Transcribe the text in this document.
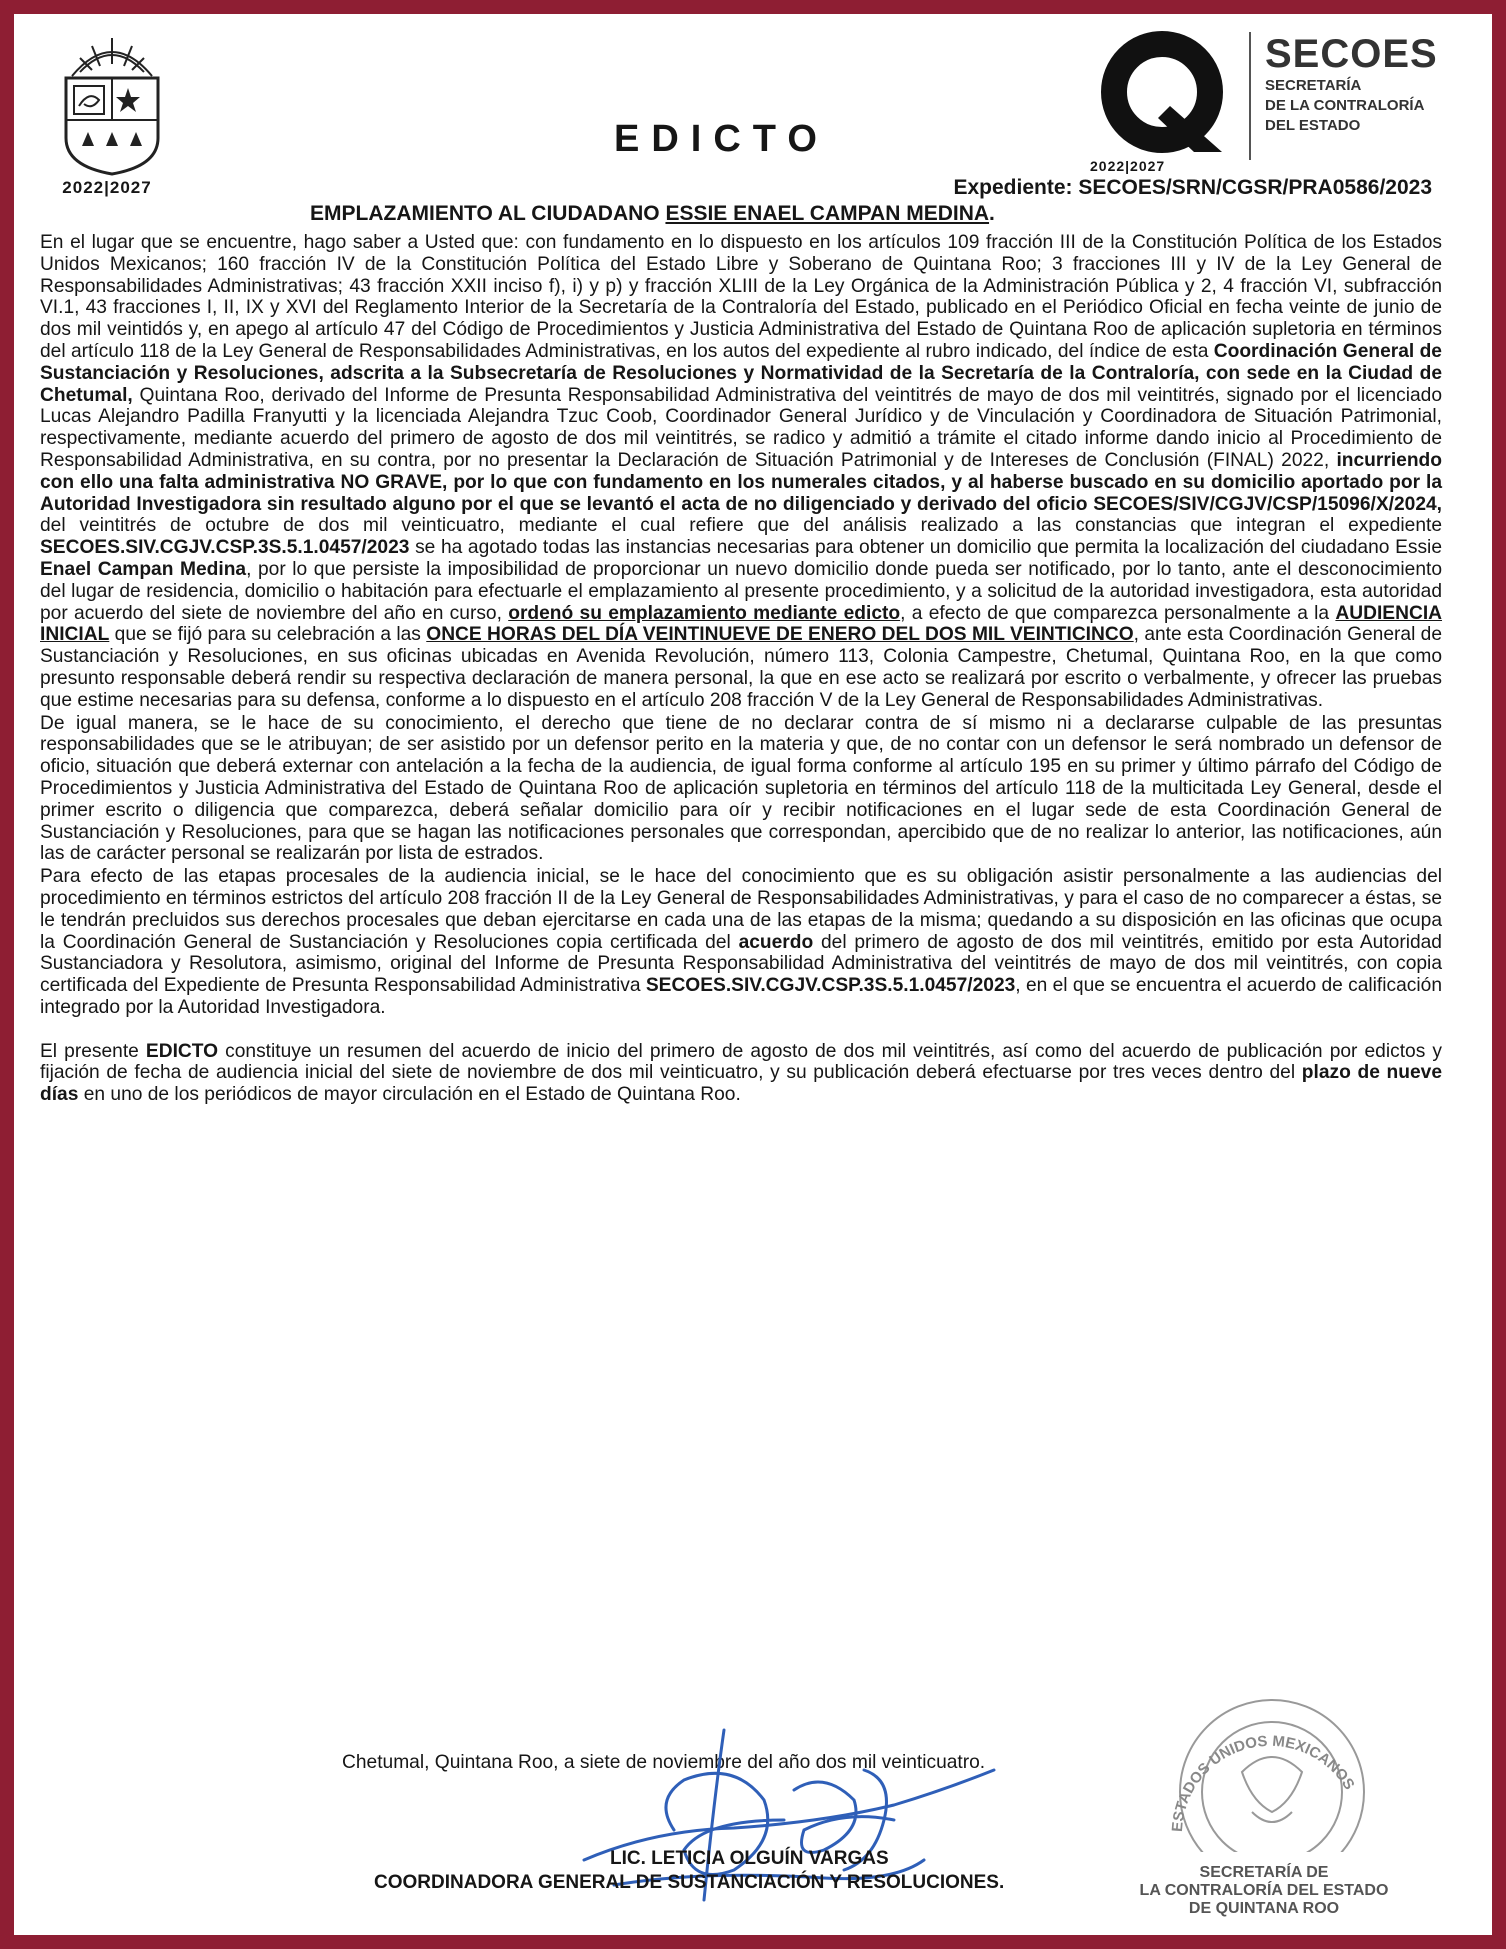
2022|2027
EDICTO
2022|2027
SECOES
SECRETARÍA
DE LA CONTRALORÍA
DEL ESTADO
Expediente: SECOES/SRN/CGSR/PRA0586/2023
EMPLAZAMIENTO AL CIUDADANO ESSIE ENAEL CAMPAN MEDINA.

En el lugar que se encuentre, hago saber a Usted que: con fundamento en lo dispuesto en los artículos 109 fracción III de la Constitución Política de los Estados Unidos Mexicanos; 160 fracción IV de la Constitución Política del Estado Libre y Soberano de Quintana Roo; 3 fracciones III y IV de la Ley General de Responsabilidades Administrativas; 43 fracción XXII inciso f), i) y p) y fracción XLIII de la Ley Orgánica de la Administración Pública y 2, 4 fracción VI, subfracción VI.1, 43 fracciones I, II, IX y XVI del Reglamento Interior de la Secretaría de la Contraloría del Estado, publicado en el Periódico Oficial en fecha veinte de junio de dos mil veintidós y, en apego al artículo 47 del Código de Procedimientos y Justicia Administrativa del Estado de Quintana Roo de aplicación supletoria en términos del artículo 118 de la Ley General de Responsabilidades Administrativas, en los autos del expediente al rubro indicado, del índice de esta Coordinación General de Sustanciación y Resoluciones, adscrita a la Subsecretaría de Resoluciones y Normatividad de la Secretaría de la Contraloría, con sede en la Ciudad de Chetumal, Quintana Roo, derivado del Informe de Presunta Responsabilidad Administrativa del veintitrés de mayo de dos mil veintitrés, signado por el licenciado Lucas Alejandro Padilla Franyutti y la licenciada Alejandra Tzuc Coob, Coordinador General Jurídico y de Vinculación y Coordinadora de Situación Patrimonial, respectivamente, mediante acuerdo del primero de agosto de dos mil veintitrés, se radico y admitió a trámite el citado informe dando inicio al Procedimiento de Responsabilidad Administrativa, en su contra, por no presentar la Declaración de Situación Patrimonial y de Intereses de Conclusión (FINAL) 2022, incurriendo con ello una falta administrativa NO GRAVE, por lo que con fundamento en los numerales citados, y al haberse buscado en su domicilio aportado por la Autoridad Investigadora sin resultado alguno por el que se levantó el acta de no diligenciado y derivado del oficio SECOES/SIV/CGJV/CSP/15096/X/2024, del veintitrés de octubre de dos mil veinticuatro, mediante el cual refiere que del análisis realizado a las constancias que integran el expediente SECOES.SIV.CGJV.CSP.3S.5.1.0457/2023 se ha agotado todas las instancias necesarias para obtener un domicilio que permita la localización del ciudadano Essie Enael Campan Medina, por lo que persiste la imposibilidad de proporcionar un nuevo domicilio donde pueda ser notificado, por lo tanto, ante el desconocimiento del lugar de residencia, domicilio o habitación para efectuarle el emplazamiento al presente procedimiento, y a solicitud de la autoridad investigadora, esta autoridad por acuerdo del siete de noviembre del año en curso, ordenó su emplazamiento mediante edicto, a efecto de que comparezca personalmente a la AUDIENCIA INICIAL que se fijó para su celebración a las ONCE HORAS DEL DÍA VEINTINUEVE DE ENERO DEL DOS MIL VEINTICINCO, ante esta Coordinación General de Sustanciación y Resoluciones, en sus oficinas ubicadas en Avenida Revolución, número 113, Colonia Campestre, Chetumal, Quintana Roo, en la que como presunto responsable deberá rendir su respectiva declaración de manera personal, la que en ese acto se realizará por escrito o verbalmente, y ofrecer las pruebas que estime necesarias para su defensa, conforme a lo dispuesto en el artículo 208 fracción V de la Ley General de Responsabilidades Administrativas.

De igual manera, se le hace de su conocimiento, el derecho que tiene de no declarar contra de sí mismo ni a declararse culpable de las presuntas responsabilidades que se le atribuyan; de ser asistido por un defensor perito en la materia y que, de no contar con un defensor le será nombrado un defensor de oficio, situación que deberá externar con antelación a la fecha de la audiencia, de igual forma conforme al artículo 195 en su primer y último párrafo del Código de Procedimientos y Justicia Administrativa del Estado de Quintana Roo de aplicación supletoria en términos del artículo 118 de la multicitada Ley General, desde el primer escrito o diligencia que comparezca, deberá señalar domicilio para oír y recibir notificaciones en el lugar sede de esta Coordinación General de Sustanciación y Resoluciones, para que se hagan las notificaciones personales que correspondan, apercibido que de no realizar lo anterior, las notificaciones, aún las de carácter personal se realizarán por lista de estrados.

Para efecto de las etapas procesales de la audiencia inicial, se le hace del conocimiento que es su obligación asistir personalmente a las audiencias del procedimiento en términos estrictos del artículo 208 fracción II de la Ley General de Responsabilidades Administrativas, y para el caso de no comparecer a éstas, se le tendrán precluidos sus derechos procesales que deban ejercitarse en cada una de las etapas de la misma; quedando a su disposición en las oficinas que ocupa la Coordinación General de Sustanciación y Resoluciones copia certificada del acuerdo del primero de agosto de dos mil veintitrés, emitido por esta Autoridad Sustanciadora y Resolutora, asimismo, original del Informe de Presunta Responsabilidad Administrativa del veintitrés de mayo de dos mil veintitrés, con copia certificada del Expediente de Presunta Responsabilidad Administrativa SECOES.SIV.CGJV.CSP.3S.5.1.0457/2023, en el que se encuentra el acuerdo de calificación integrado por la Autoridad Investigadora.

El presente EDICTO constituye un resumen del acuerdo de inicio del primero de agosto de dos mil veintitrés, así como del acuerdo de publicación por edictos y fijación de fecha de audiencia inicial del siete de noviembre de dos mil veinticuatro, y su publicación deberá efectuarse por tres veces dentro del plazo de nueve días en uno de los periódicos de mayor circulación en el Estado de Quintana Roo.

ESTADOS UNIDOS MEXICANOS
Chetumal, Quintana Roo, a siete de noviembre del año dos mil veinticuatro.
LIC. LETICIA OLGUÍN VARGAS
COORDINADORA GENERAL DE SUSTANCIACIÓN Y RESOLUCIONES.	SECRETARÍA DE
LA CONTRALORÍA DEL ESTADO
DE QUINTANA ROO
